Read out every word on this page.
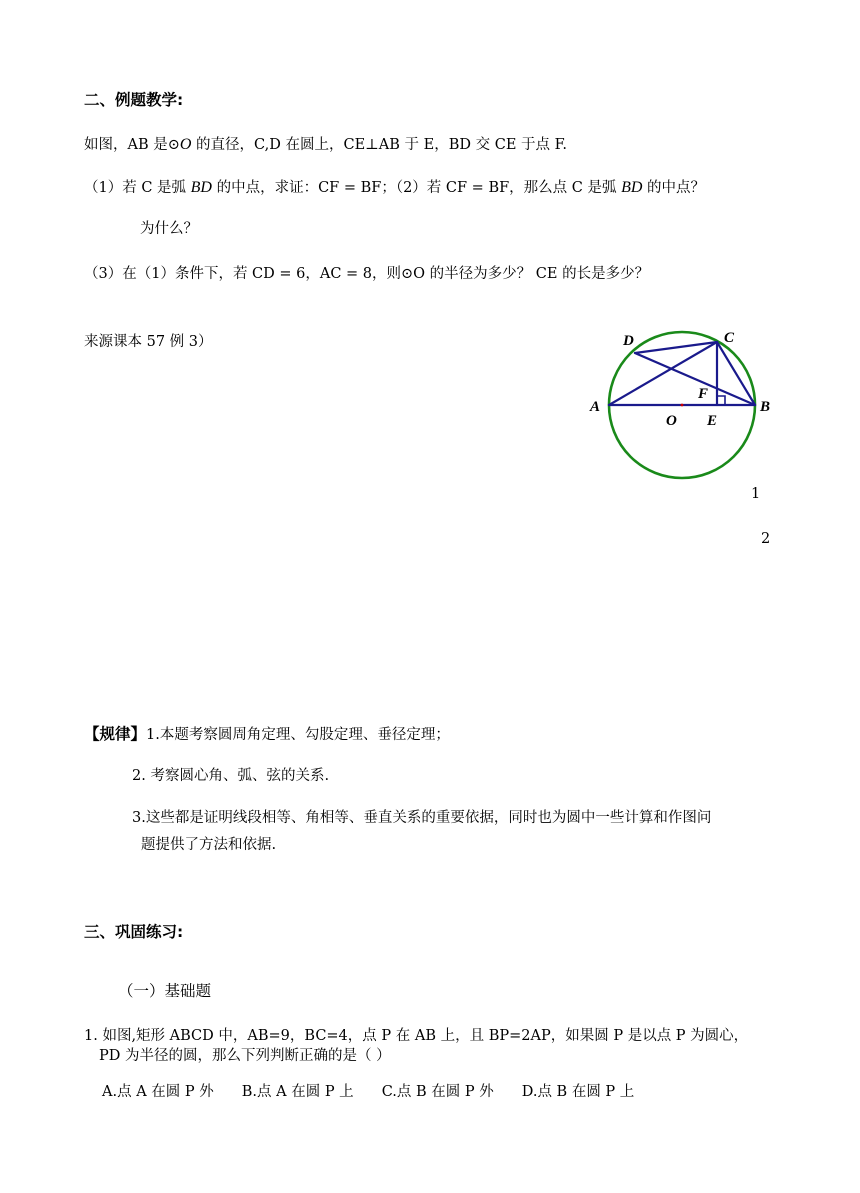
二、例题教学:
如图，AB 是⊙O 的直径，C,D 在圆上，CE⊥AB 于 E，BD 交 CE 于点 F.
（1）若 C 是弧 BD 的中点，求证：CF = BF；（2）若 CF = BF，那么点 C 是弧 BD 的中点？
为什么？
（3）在（1）条件下，若 CD = 6，AC = 8，则⊙O 的半径为多少？ CE 的长是多少？
来源课本 57 例 3）	D	C
A	B
F
O E
1
2
【规律】1.本题考察圆周角定理、勾股定理、垂径定理；
2. 考察圆心角、弧、弦的关系.
3.这些都是证明线段相等、角相等、垂直关系的重要依据，同时也为圆中一些计算和作图问
题提供了方法和依据.
三、巩固练习:
（一）基础题
1. 如图,矩形 ABCD 中，AB=9，BC=4，点 P 在 AB 上，且 BP=2AP，如果圆 P 是以点 P 为圆心，
PD 为半径的圆，那么下列判断正确的是（ ）
A.点 A 在圆 P 外 B.点 A 在圆 P 上 C.点 B 在圆 P 外 D.点 B 在圆 P 上
